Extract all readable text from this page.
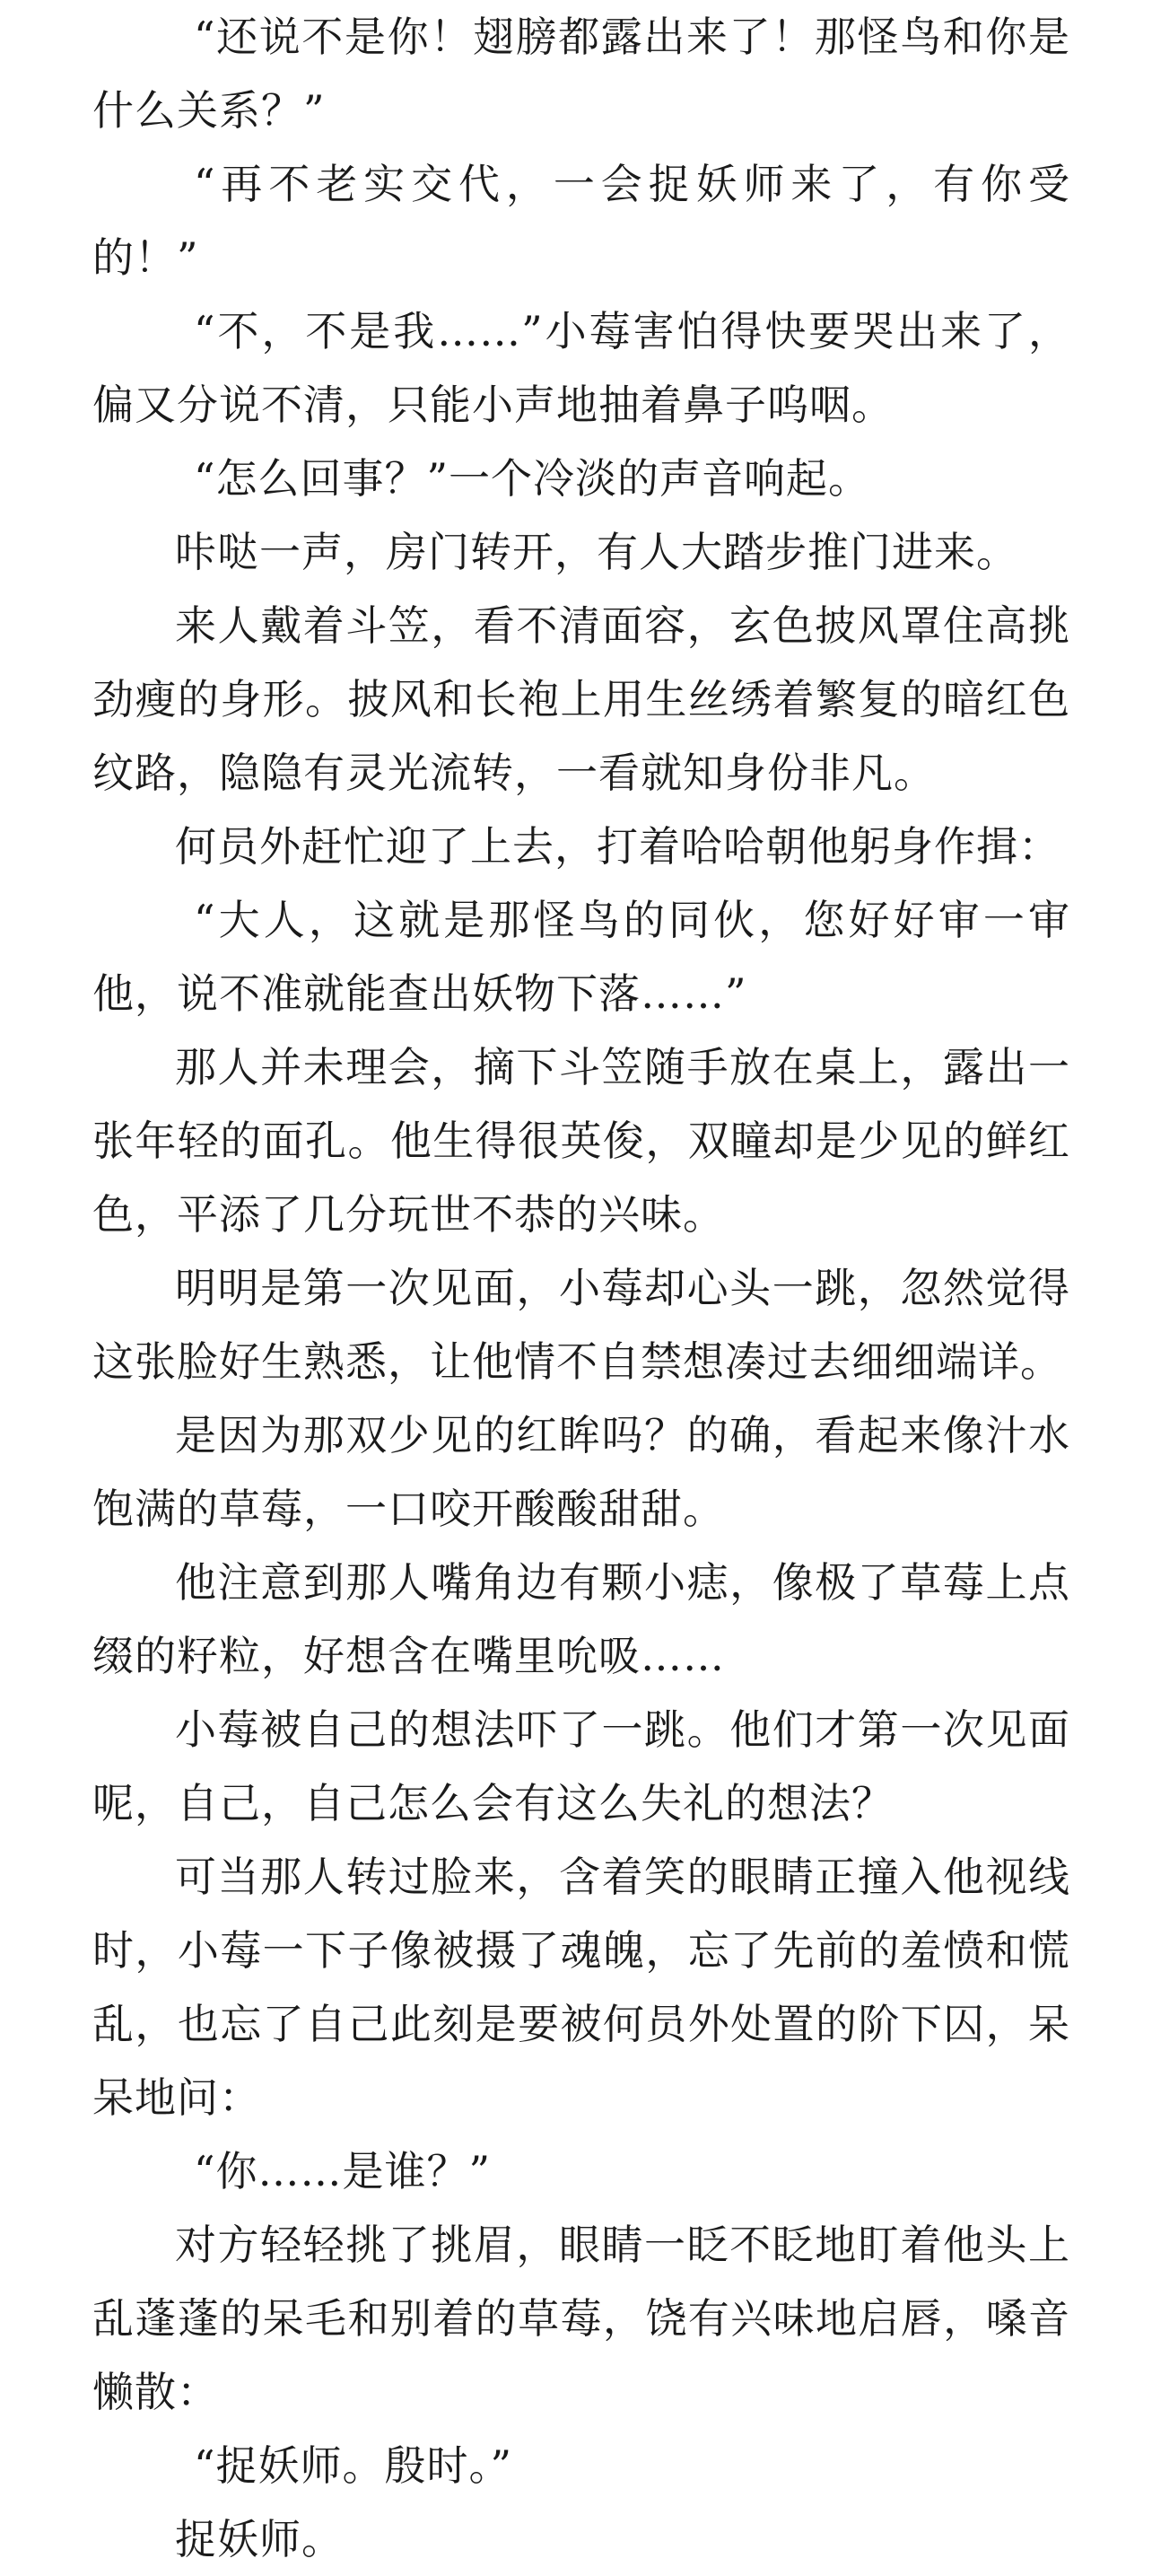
“还说不是你！翅膀都露出来了！那怪鸟和你是什么关系？”

“再不老实交代，一会捉妖师来了，有你受的！”

“不，不是我……”小莓害怕得快要哭出来了，偏又分说不清，只能小声地抽着鼻子呜咽。

“怎么回事？”一个冷淡的声音响起。

咔哒一声，房门转开，有人大踏步推门进来。

来人戴着斗笠，看不清面容，玄色披风罩住高挑劲瘦的身形。披风和长袍上用生丝绣着繁复的暗红色纹路，隐隐有灵光流转，一看就知身份非凡。

何员外赶忙迎了上去，打着哈哈朝他躬身作揖：

“大人，这就是那怪鸟的同伙，您好好审一审他，说不准就能查出妖物下落……”

那人并未理会，摘下斗笠随手放在桌上，露出一张年轻的面孔。他生得很英俊，双瞳却是少见的鲜红色，平添了几分玩世不恭的兴味。

明明是第一次见面，小莓却心头一跳，忽然觉得这张脸好生熟悉，让他情不自禁想凑过去细细端详。

是因为那双少见的红眸吗？的确，看起来像汁水饱满的草莓，一口咬开酸酸甜甜。

他注意到那人嘴角边有颗小痣，像极了草莓上点缀的籽粒，好想含在嘴里吮吸……

小莓被自己的想法吓了一跳。他们才第一次见面呢，自己，自己怎么会有这么失礼的想法？

可当那人转过脸来，含着笑的眼睛正撞入他视线时，小莓一下子像被摄了魂魄，忘了先前的羞愤和慌乱，也忘了自己此刻是要被何员外处置的阶下囚，呆呆地问：

“你……是谁？”

对方轻轻挑了挑眉，眼睛一眨不眨地盯着他头上乱蓬蓬的呆毛和别着的草莓，饶有兴味地启唇，嗓音懒散：

“捉妖师。殷时。”

捉妖师。
